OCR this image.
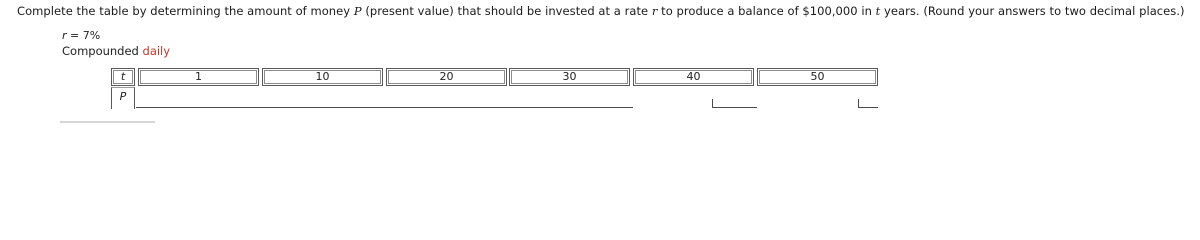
Complete the table by determining the amount of money P (present value) that should be invested at a rate r to produce a balance of $100,000 in t years. (Round your answers to two decimal places.)
r = 7%
Compounded daily
t	1	10	20	30	40	50
P
